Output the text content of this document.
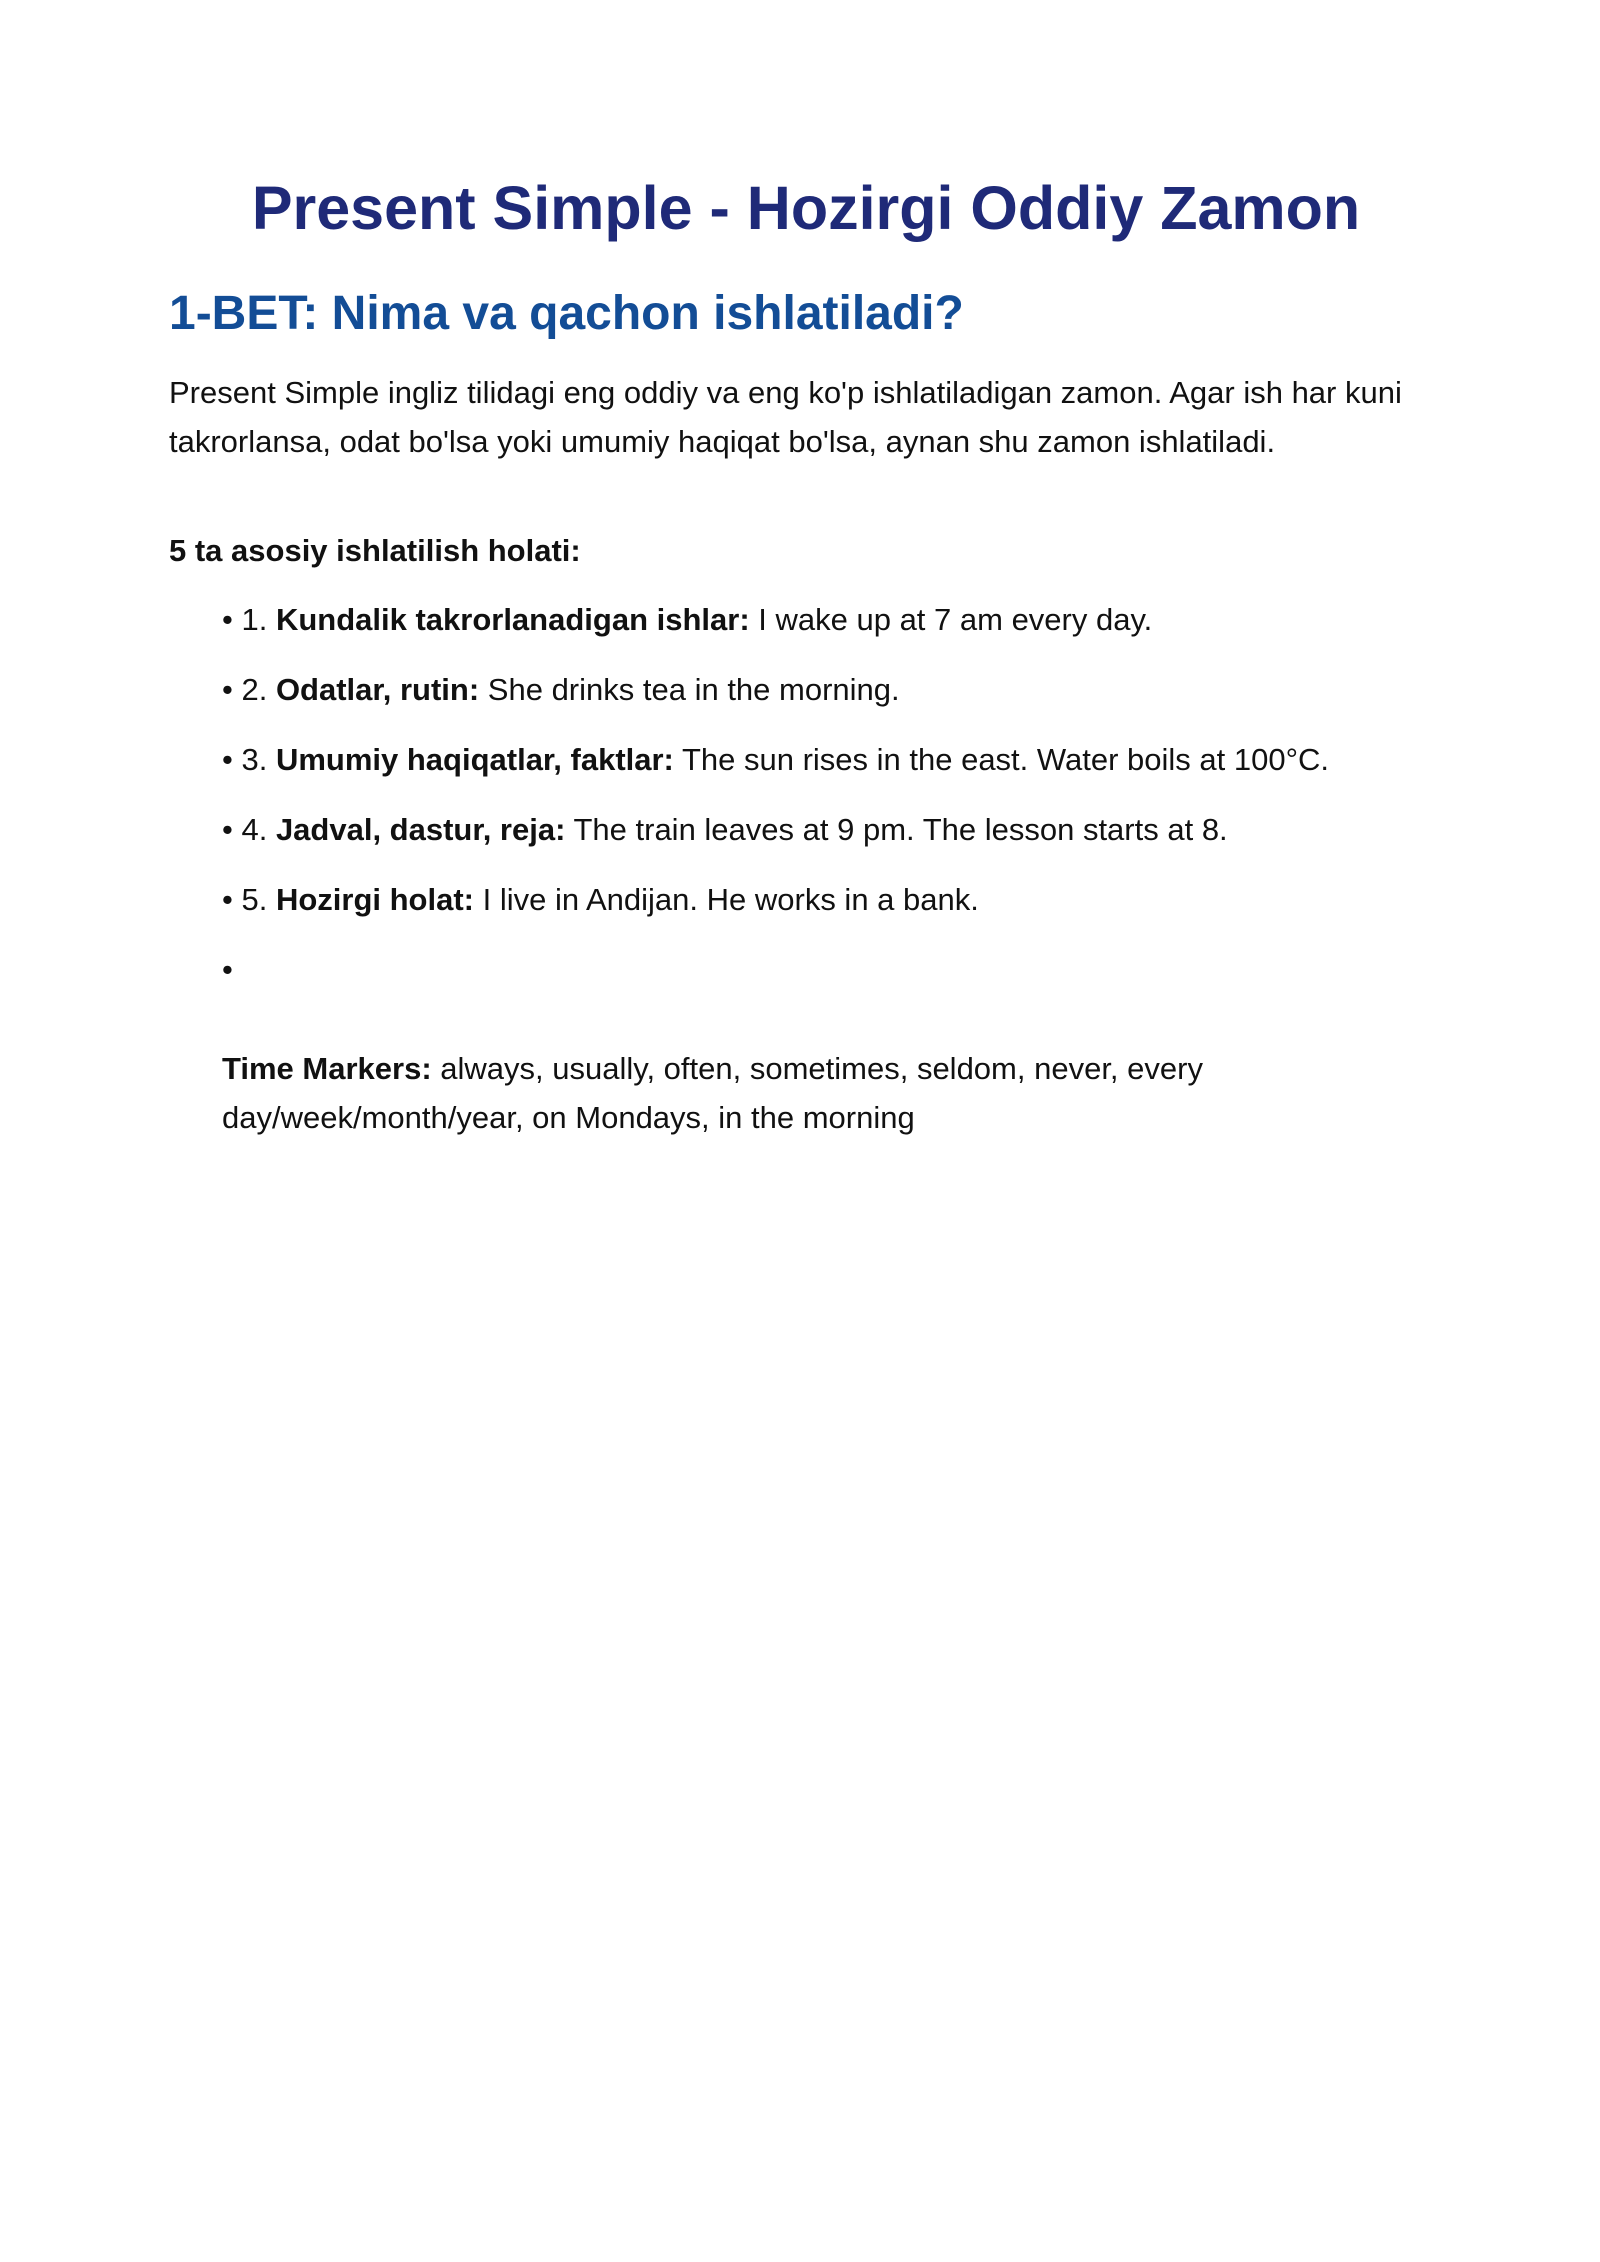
Present Simple - Hozirgi Oddiy Zamon
1-BET: Nima va qachon ishlatiladi?

Present Simple ingliz tilidagi eng oddiy va eng ko'p ishlatiladigan zamon. Agar ish har kuni takrorlansa, odat bo'lsa yoki umumiy haqiqat bo'lsa, aynan shu zamon ishlatiladi.

5 ta asosiy ishlatilish holati:

• 1. Kundalik takrorlanadigan ishlar: I wake up at 7 am every day.
• 2. Odatlar, rutin: She drinks tea in the morning.
• 3. Umumiy haqiqatlar, faktlar: The sun rises in the east. Water boils at 100°C.
• 4. Jadval, dastur, reja: The train leaves at 9 pm. The lesson starts at 8.
• 5. Hozirgi holat: I live in Andijan. He works in a bank.
•

Time Markers: always, usually, often, sometimes, seldom, never, every day/week/month/year, on Mondays, in the morning
